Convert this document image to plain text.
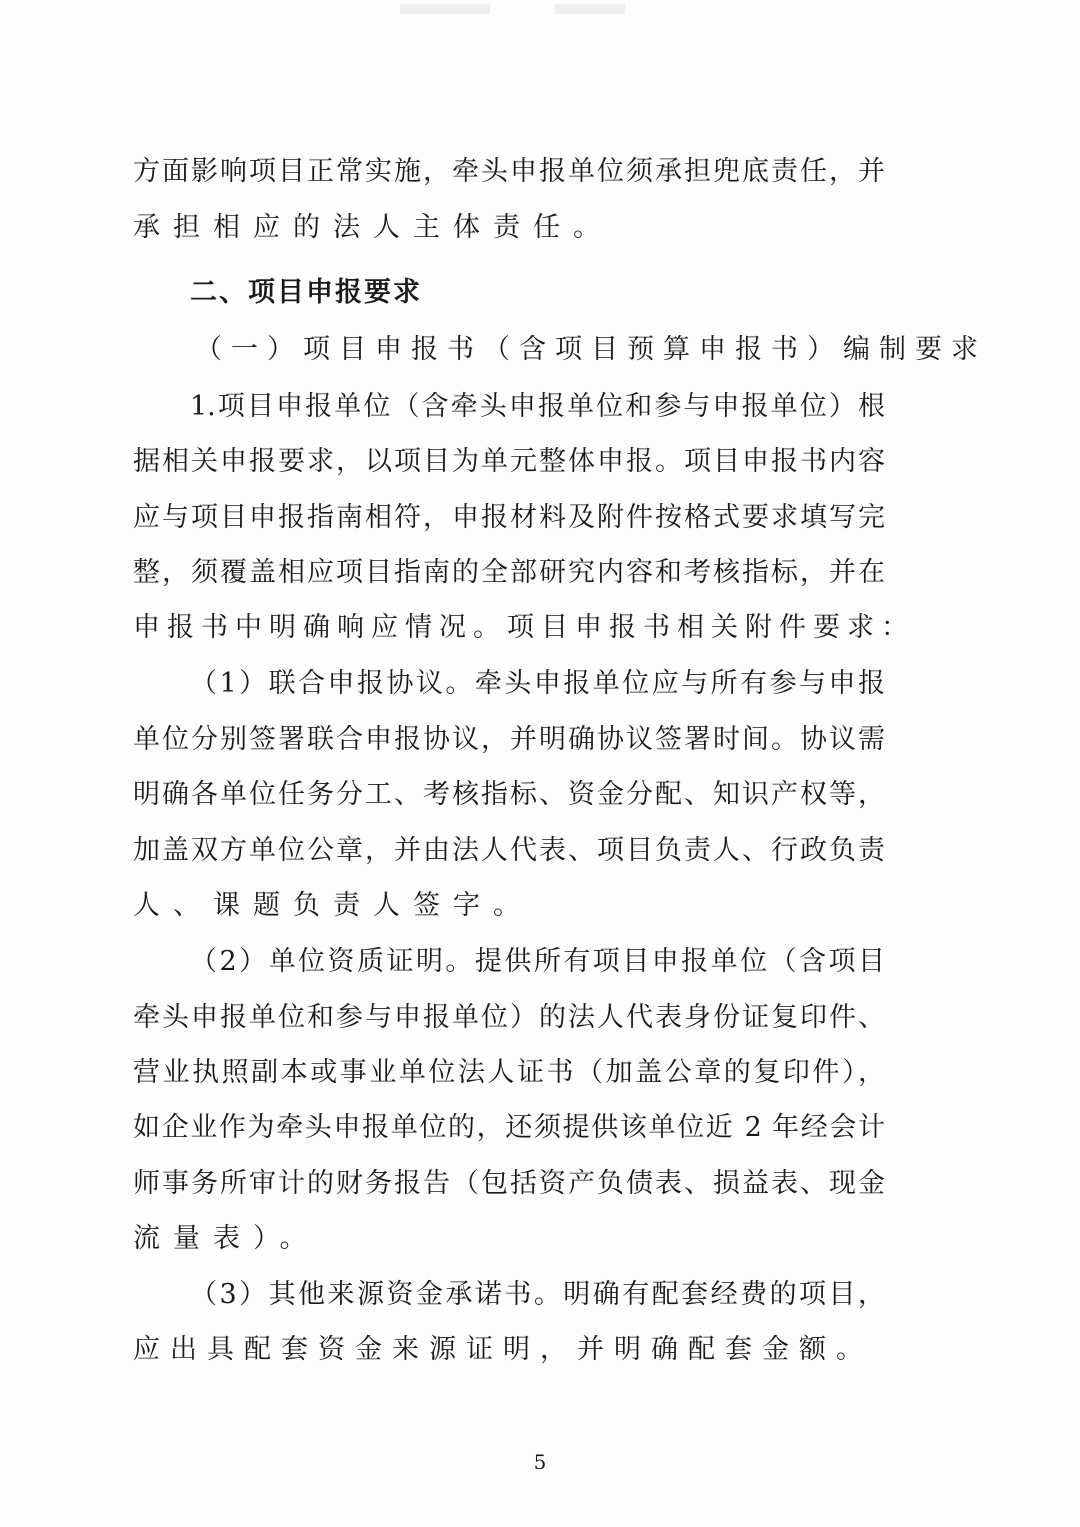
方面影响项目正常实施，牵头申报单位须承担兜底责任，并
承担相应的法人主体责任。
二、项目申报要求
（一）项目申报书（含项目预算申报书）编制要求
1.项目申报单位（含牵头申报单位和参与申报单位）根
据相关申报要求，以项目为单元整体申报。项目申报书内容
应与项目申报指南相符，申报材料及附件按格式要求填写完
整，须覆盖相应项目指南的全部研究内容和考核指标，并在
申报书中明确响应情况。项目申报书相关附件要求：
（1）联合申报协议。牵头申报单位应与所有参与申报
单位分别签署联合申报协议，并明确协议签署时间。协议需
明确各单位任务分工、考核指标、资金分配、知识产权等，
加盖双方单位公章，并由法人代表、项目负责人、行政负责
人、课题负责人签字。
（2）单位资质证明。提供所有项目申报单位（含项目
牵头申报单位和参与申报单位）的法人代表身份证复印件、
营业执照副本或事业单位法人证书（加盖公章的复印件），
如企业作为牵头申报单位的，还须提供该单位近 2 年经会计
师事务所审计的财务报告（包括资产负债表、损益表、现金
流量表）。
（3）其他来源资金承诺书。明确有配套经费的项目，
应出具配套资金来源证明，并明确配套金额。
5
